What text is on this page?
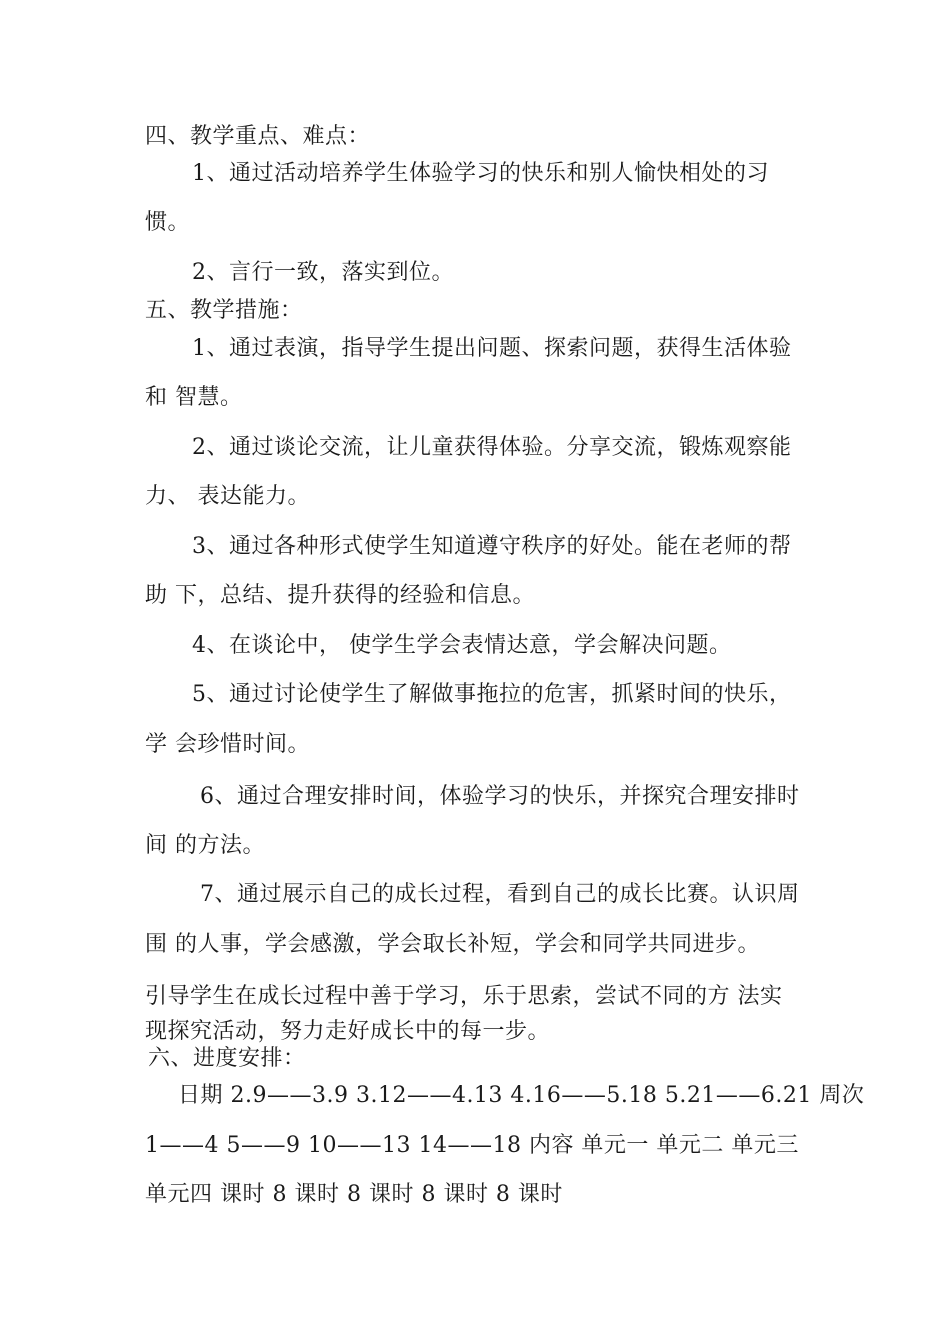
四、教学重点、难点：
1、通过活动培养学生体验学习的快乐和别人愉快相处的习
惯。
2、言行一致，落实到位。
五、教学措施：
1、通过表演，指导学生提出问题、探索问题，获得生活体验
和 智慧。
2、通过谈论交流，让儿童获得体验。分享交流，锻炼观察能
力、 表达能力。
3、通过各种形式使学生知道遵守秩序的好处。能在老师的帮
助 下，总结、提升获得的经验和信息。
4、在谈论中， 使学生学会表情达意，学会解决问题。
5、通过讨论使学生了解做事拖拉的危害，抓紧时间的快乐，
学 会珍惜时间。
6、通过合理安排时间，体验学习的快乐，并探究合理安排时
间 的方法。
7、通过展示自己的成长过程，看到自己的成长比赛。认识周
围 的人事，学会感激，学会取长补短，学会和同学共同进步。
引导学生在成长过程中善于学习，乐于思索，尝试不同的方 法实
现探究活动，努力走好成长中的每一步。
六、进度安排：
日期 2.9——3.9 3.12——4.13 4.16——5.18 5.21——6.21 周次
1——4 5——9 10——13 14——18 内容 单元一 单元二 单元三
单元四 课时 8 课时 8 课时 8 课时 8 课时
